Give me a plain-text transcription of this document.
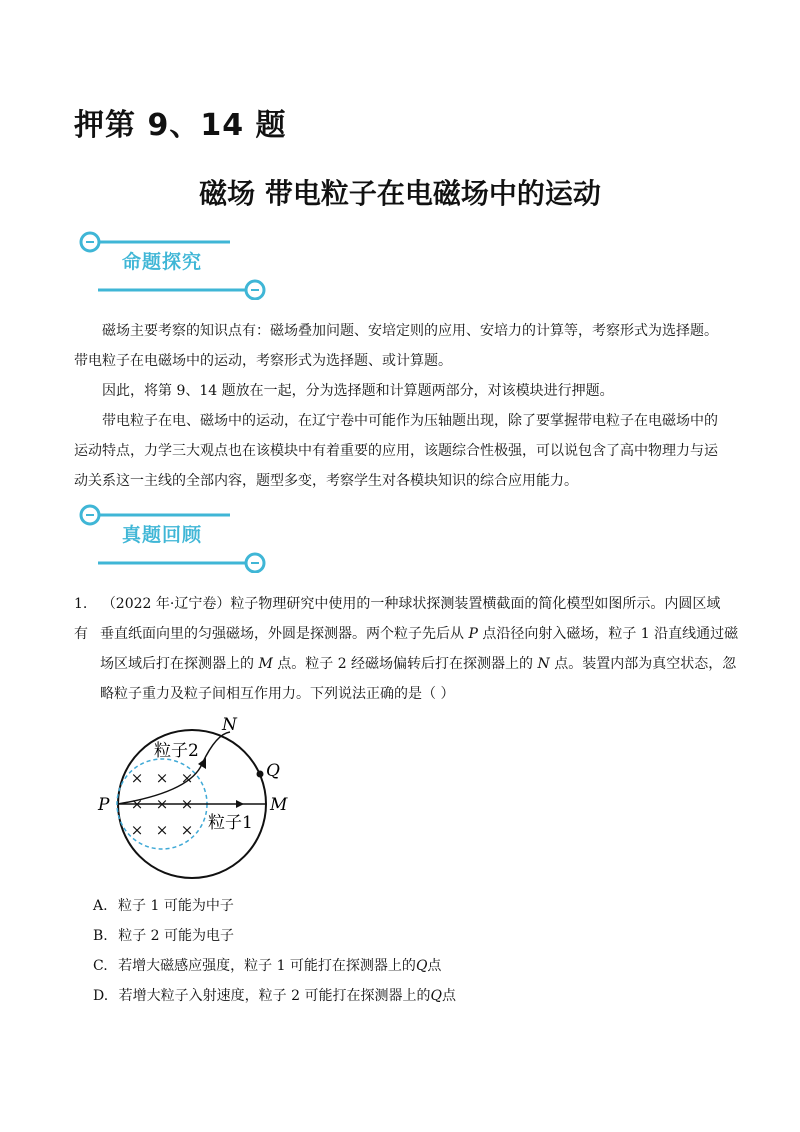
押第 9、14 题
磁场 带电粒子在电磁场中的运动
命题探究
磁场主要考察的知识点有：磁场叠加问题、安培定则的应用、安培力的计算等，考察形式为选择题。
带电粒子在电磁场中的运动，考察形式为选择题、或计算题。
因此，将第 9、14 题放在一起，分为选择题和计算题两部分，对该模块进行押题。
带电粒子在电、磁场中的运动，在辽宁卷中可能作为压轴题出现，除了要掌握带电粒子在电磁场中的
运动特点，力学三大观点也在该模块中有着重要的应用，该题综合性极强，可以说包含了高中物理力与运
动关系这一主线的全部内容，题型多变，考察学生对各模块知识的综合应用能力。
真题回顾
1. （2022 年·辽宁卷）粒子物理研究中使用的一种球状探测装置横截面的简化模型如图所示。内圆区域有 垂直纸面向里的匀强磁场，外圆是探测器。两个粒子先后从 P 点沿径向射入磁场，粒子 1 沿直线通过磁
场区域后打在探测器上的 M 点。粒子 2 经磁场偏转后打在探测器上的 N 点。装置内部为真空状态，忽
略粒子重力及粒子间相互作用力。下列说法正确的是（ ）
× × ×
× × ×
× × ×
P	M
N
Q
粒子2
粒子1
A. 粒子 1 可能为中子
B. 粒子 2 可能为电子
C. 若增大磁感应强度，粒子 1 可能打在探测器上的Q点
D. 若增大粒子入射速度，粒子 2 可能打在探测器上的Q点
